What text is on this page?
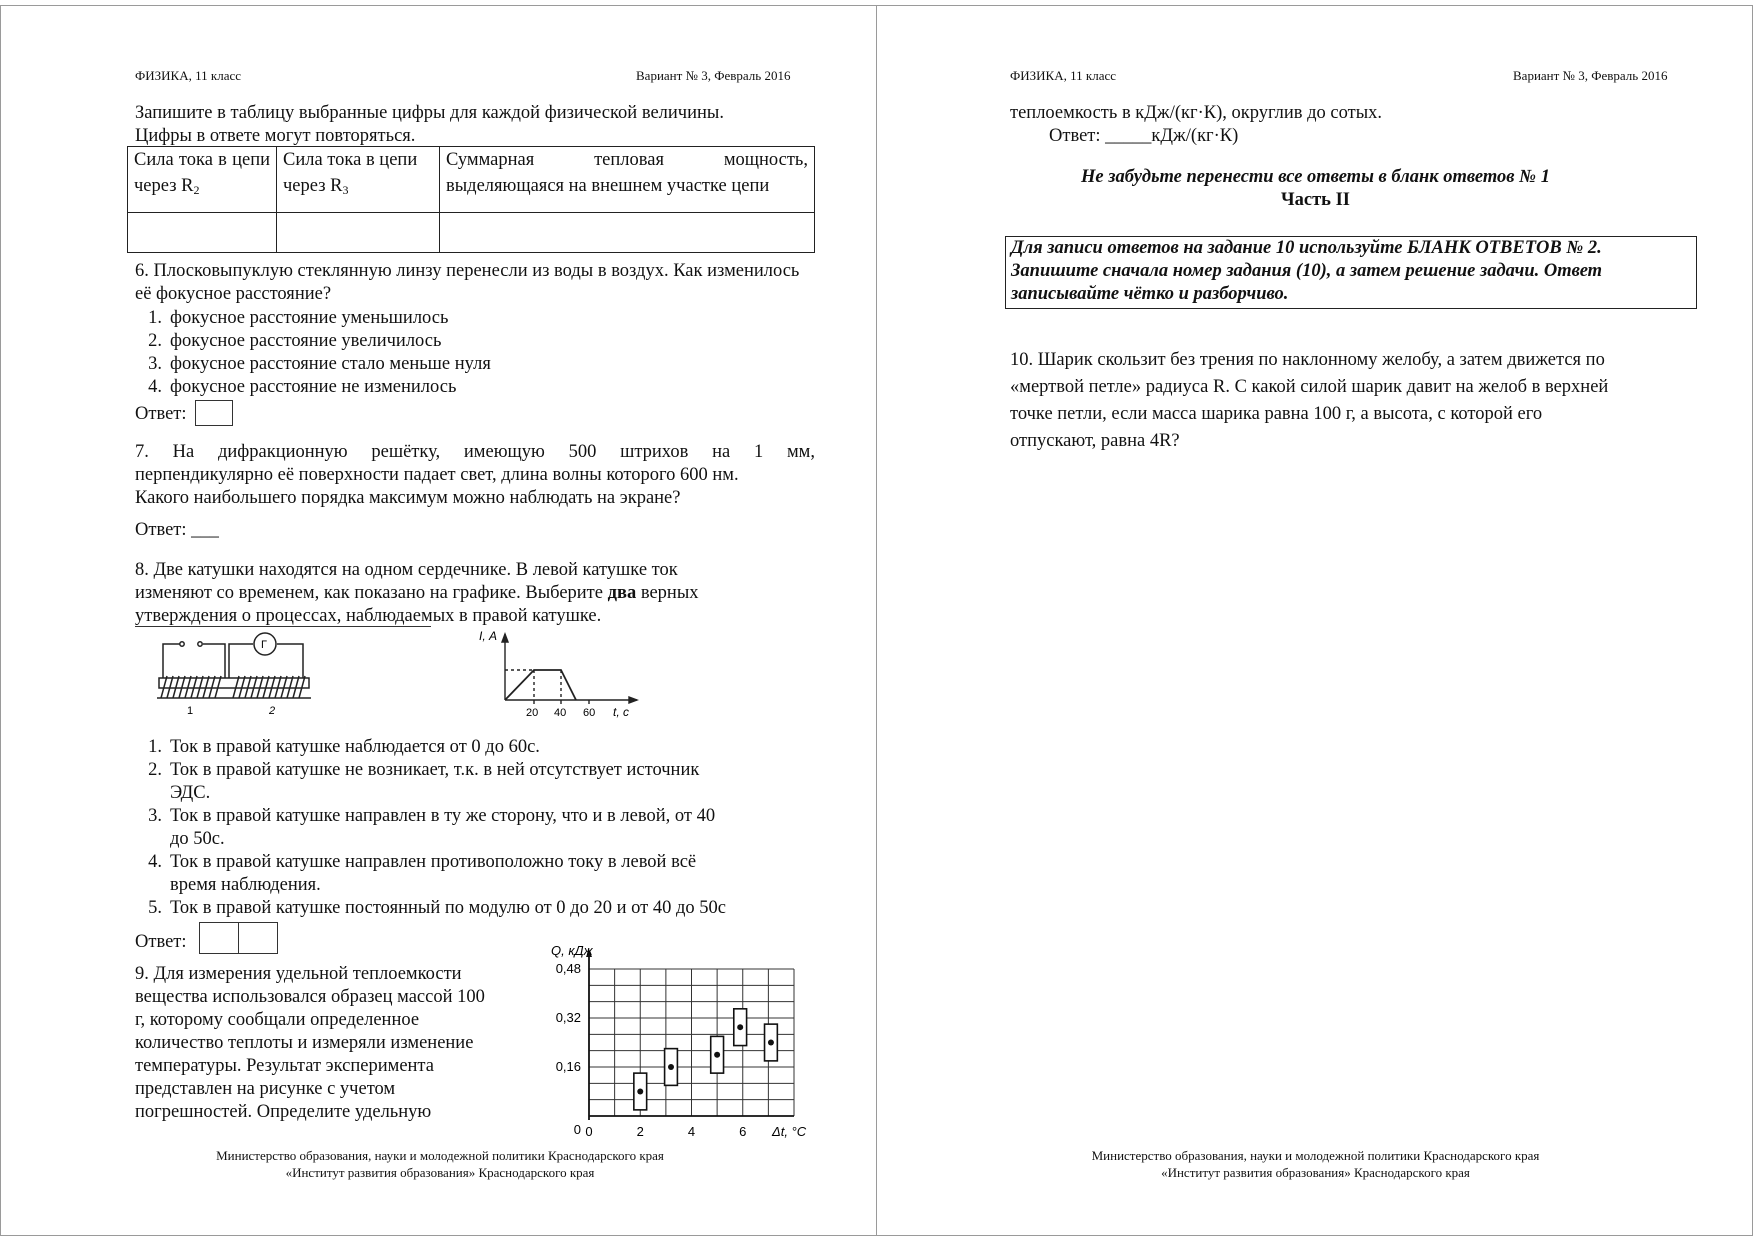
ФИЗИКА, 11 класс	Вариант № 3, Февраль 2016
Запишите в таблицу выбранные цифры для каждой физической величины.
Цифры в ответе могут повторяться.
Сила тока в цепи через $R_2$	Сила тока в цепи через $R_3$	Суммарная тепловая мощность, выделяющаяся на внешнем участке цепи

6. Плосковыпуклую стеклянную линзу перенесли из воды в воздух. Как изменилось её фокусное расстояние?
1. фокусное расстояние уменьшилось
2. фокусное расстояние увеличилось
3. фокусное расстояние стало меньше нуля
4. фокусное расстояние не изменилось
Ответ:
7. На дифракционную решётку, имеющую 500 штрихов на 1 мм,
перпендикулярно её поверхности падает свет, длина волны которого 600 нм.
Какого наибольшего порядка максимум можно наблюдать на экране?
Ответ: ___
8. Две катушки находятся на одном сердечнике. В левой катушке ток
изменяют со временем, как показано на графике. Выберите два верных
утверждения о процессах, наблюдаемых в правой катушке.
Г
1	2
I, А
t, с
20 40 60
1. Ток в правой катушке наблюдается от 0 до 60с.
2. Ток в правой катушке не возникает, т.к. в ней отсутствует источник
ЭДС.
3. Ток в правой катушке направлен в ту же сторону, что и в левой, от 40
до 50с.
4. Ток в правой катушке направлен противоположно току в левой всё
время наблюдения.
5. Ток в правой катушке постоянный по модулю от 0 до 20 и от 40 до 50с
Ответ:
9. Для измерения удельной теплоемкости
вещества использовался образец массой 100
г, которому сообщали определенное
количество теплоты и измеряли изменение
температуры. Результат эксперимента
представлен на рисунке с учетом
погрешностей. Определите удельную
0
0,16
0,32
0,48
0	2	4	6
Q, кДж
Δt, °C
Министерство образования, науки и молодежной политики Краснодарского края
«Институт развития образования» Краснодарского края
ФИЗИКА, 11 класс	Вариант № 3, Февраль 2016
теплоемкость в кДж/(кг·К), округлив до сотых.
Ответ: _____кДж/(кг·К)
Не забудьте перенести все ответы в бланк ответов № 1
Часть II
Для записи ответов на задание 10 используйте БЛАНК ОТВЕТОВ № 2.
Запишите сначала номер задания (10), а затем решение задачи. Ответ
записывайте чётко и разборчиво.
10. Шарик скользит без трения по наклонному желобу, а затем движется по
«мертвой петле» радиуса R. С какой силой шарик давит на желоб в верхней
точке петли, если масса шарика равна 100 г, а высота, с которой его
отпускают, равна 4R?
Министерство образования, науки и молодежной политики Краснодарского края
«Институт развития образования» Краснодарского края
